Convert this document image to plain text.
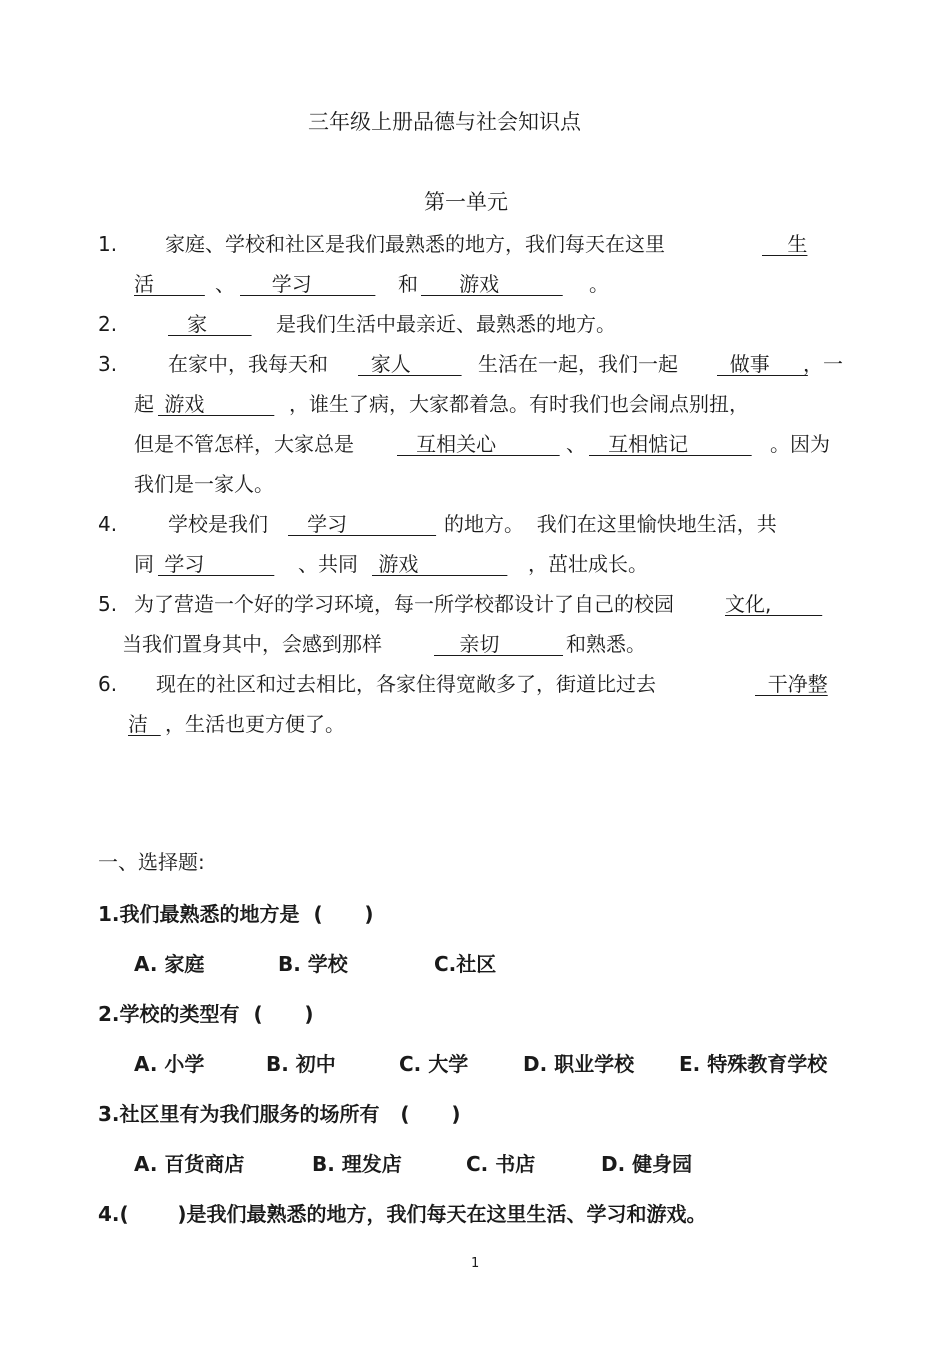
三年级上册品德与社会知识点
第一单元
1. 家庭、学校和社区是我们最熟悉的地方，我们每天在这里	生
活 、 学习 和 游戏 。
2.	家 是我们生活中最亲近、最熟悉的地方。
3.	在家中，我每天和 家人 生活在一起，我们一起 做事
，一
起 游戏 ，谁生了病，大家都着急。有时我们也会闹点别扭，
但是不管怎样，大家总是 互相关心 、 互相惦记 。因为
我们是一家人。
4.	学校是我们 学习 的地方。  我们在这里愉快地生活，共
同 学习 、共同 游戏 ，茁壮成长。
5. 为了营造一个好的学习环境，每一所学校都设计了自己的校园	文化,
当我们置身其中，会感到那样	亲切 和熟悉。
6. 现在的社区和过去相比，各家住得宽敞多了，街道比过去	干净整
洁 ，生活也更方便了。
一、选择题:
1.我们最熟悉的地方是  (      )
A. 家庭	B. 学校	C.社区
2.学校的类型有  (      )
A. 小学	B. 初中	C. 大学	D. 职业学校 E. 特殊教育学校
3.社区里有为我们服务的场所有   (      )
A. 百货商店	B. 理发店	C. 书店	D. 健身园
4.(       )是我们最熟悉的地方，我们每天在这里生活、学习和游戏。
1
